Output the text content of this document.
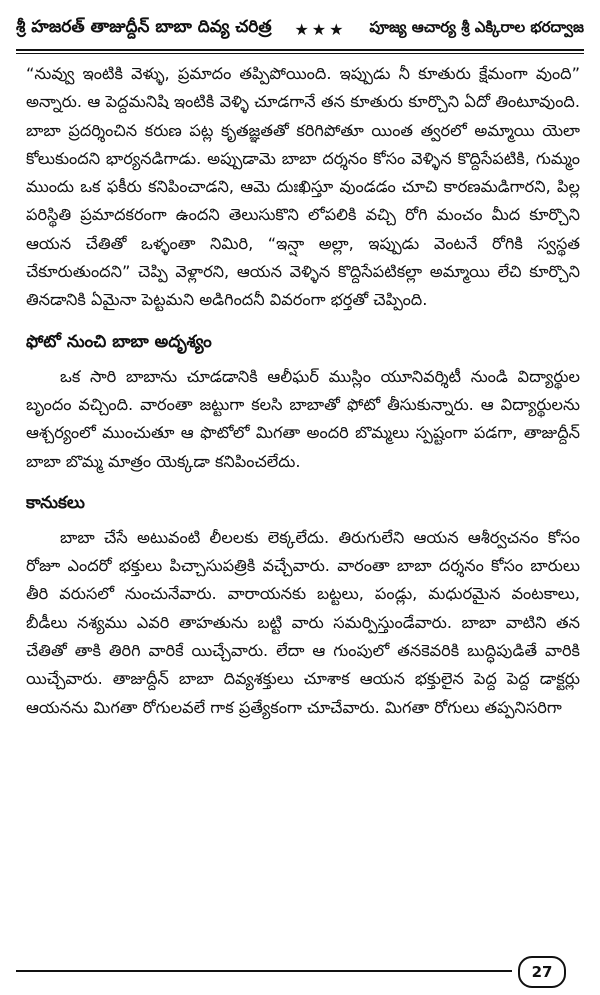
శ్రీ హజరత్ తాజుద్దీన్ బాబా దివ్య చరిత్ర ★★★ పూజ్య ఆచార్య శ్రీ ఎక్కిరాల భరద్వాజ

“నువ్వు ఇంటికి వెళ్ళు, ప్రమాదం తప్పిపోయింది. ఇప్పుడు నీ కూతురు క్షేమంగా వుంది” అన్నారు. ఆ పెద్దమనిషి ఇంటికి వెళ్ళి చూడగానే తన కూతురు కూర్చొని ఏదో తింటూవుంది. బాబా ప్రదర్శించిన కరుణ పట్ల కృతజ్ఞతతో కరిగిపోతూ యింత త్వరలో అమ్మాయి యెలా కోలుకుందని భార్యనడిగాడు. అప్పుడామె బాబా దర్శనం కోసం వెళ్ళిన కొద్దిసేపటికి, గుమ్మం ముందు ఒక ఫకీరు కనిపించాడని, ఆమె దుఃఖిస్తూ వుండడం చూచి కారణమడిగారని, పిల్ల పరిస్థితి ప్రమాదకరంగా ఉందని తెలుసుకొని లోపలికి వచ్చి రోగి మంచం మీద కూర్చొని ఆయన చేతితో ఒళ్ళంతా నిమిరి, “ఇన్షా అల్లా, ఇప్పుడు వెంటనే రోగికి స్వస్థత చేకూరుతుందని” చెప్పి వెళ్లారని, ఆయన వెళ్ళిన కొద్దిసేపటికల్లా అమ్మాయి లేచి కూర్చొని తినడానికి ఏమైనా పెట్టమని అడిగిందనీ వివరంగా భర్తతో చెప్పింది.

ఫోటో నుంచి బాబా అదృశ్యం

ఒక సారి బాబాను చూడడానికి ఆలీఘర్ ముస్లిం యూనివర్శిటీ నుండి విద్యార్థుల బృందం వచ్చింది. వారంతా జట్టుగా కలసి బాబాతో ఫోటో తీసుకున్నారు. ఆ విద్యార్థులను ఆశ్చర్యంలో ముంచుతూ ఆ ఫొటోలో మిగతా అందరి బొమ్మలు స్పష్టంగా పడగా, తాజుద్దీన్ బాబా బొమ్మ మాత్రం యెక్కడా కనిపించలేదు.

కానుకలు

బాబా చేసే అటువంటి లీలలకు లెక్కలేదు. తిరుగులేని ఆయన ఆశీర్వచనం కోసం రోజూ ఎందరో భక్తులు పిచ్చాసుపత్రికి వచ్చేవారు. వారంతా బాబా దర్శనం కోసం బారులు తీరి వరుసలో నుంచునేవారు. వారాయనకు బట్టలు, పండ్లు, మధురమైన వంటకాలు, బీడీలు నశ్యము ఎవరి తాహతును బట్టి వారు సమర్పిస్తుండేవారు. బాబా వాటిని తన చేతితో తాకి తిరిగి వారికే యిచ్చేవారు. లేదా ఆ గుంపులో తనకెవరికి బుద్ధిపుడితే వారికి యిచ్చేవారు. తాజుద్దీన్ బాబా దివ్యశక్తులు చూశాక ఆయన భక్తులైన పెద్ద పెద్ద డాక్టర్లు ఆయనను మిగతా రోగులవలే గాక ప్రత్యేకంగా చూచేవారు. మిగతా రోగులు తప్పనిసరిగా

27
